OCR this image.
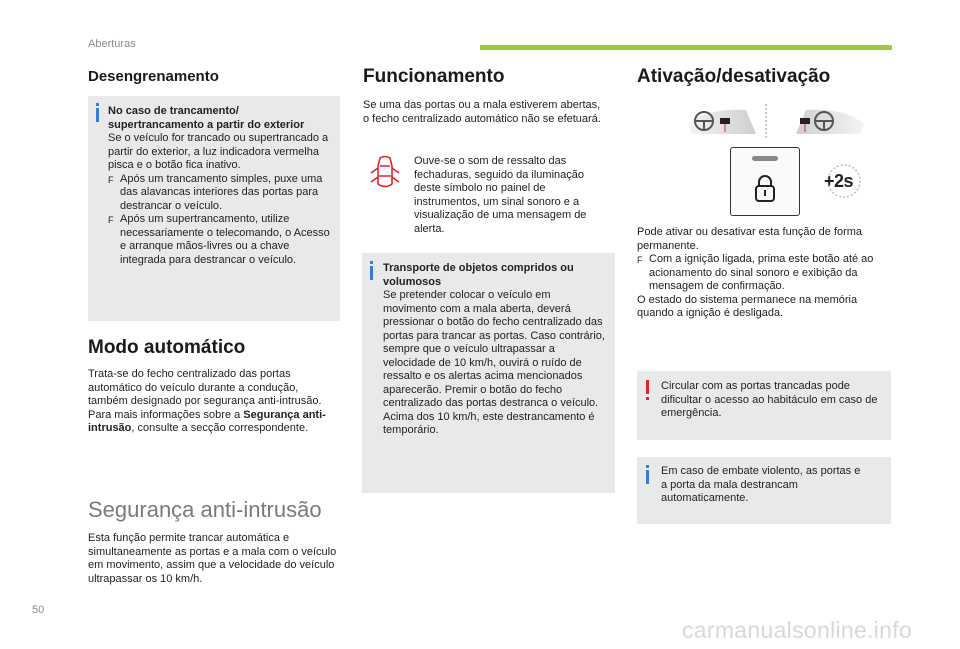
Aberturas
Desengrenamento

No caso de trancamento/ supertrancamento a partir do exterior

Se o veículo for trancado ou supertrancado a partir do exterior, a luz indicadora vermelha pisca e o botão fica inativo.

F Após um trancamento simples, puxe uma das alavancas interiores das portas para destrancar o veículo.
F Após um supertrancamento, utilize necessariamente o telecomando, o Acesso e arranque mãos-livres ou a chave integrada para destrancar o veículo.
Modo automático

Trata-se do fecho centralizado das portas automático do veículo durante a condução, também designado por segurança anti-intrusão.

Para mais informações sobre a Segurança anti-intrusão, consulte a secção correspondente.

Segurança anti-intrusão
Esta função permite trancar automática e simultaneamente as portas e a mala com o veículo em movimento, assim que a velocidade do veículo ultrapassar os 10 km/h.
Funcionamento
Se uma das portas ou a mala estiverem abertas, o fecho centralizado automático não se efetuará.
Ouve-se o som de ressalto das fechaduras, seguido da iluminação deste símbolo no painel de instrumentos, um sinal sonoro e a visualização de uma mensagem de alerta.

Transporte de objetos compridos ou volumosos

Se pretender colocar o veículo em movimento com a mala aberta, deverá pressionar o botão do fecho centralizado das portas para trancar as portas. Caso contrário, sempre que o veículo ultrapassar a velocidade de 10 km/h, ouvirá o ruído de ressalto e os alertas acima mencionados aparecerão. Premir o botão do fecho centralizado das portas destranca o veículo. Acima dos 10 km/h, este destrancamento é temporário.

Ativação/desativação
+2s

Pode ativar ou desativar esta função de forma permanente.

F Com a ignição ligada, prima este botão até ao acionamento do sinal sonoro e exibição da mensagem de confirmação.

O estado do sistema permanece na memória quando a ignição é desligada.

Circular com as portas trancadas pode dificultar o acesso ao habitáculo em caso de emergência.
Em caso de embate violento, as portas e a porta da mala destrancam automaticamente.
50
carmanualsonline.info
